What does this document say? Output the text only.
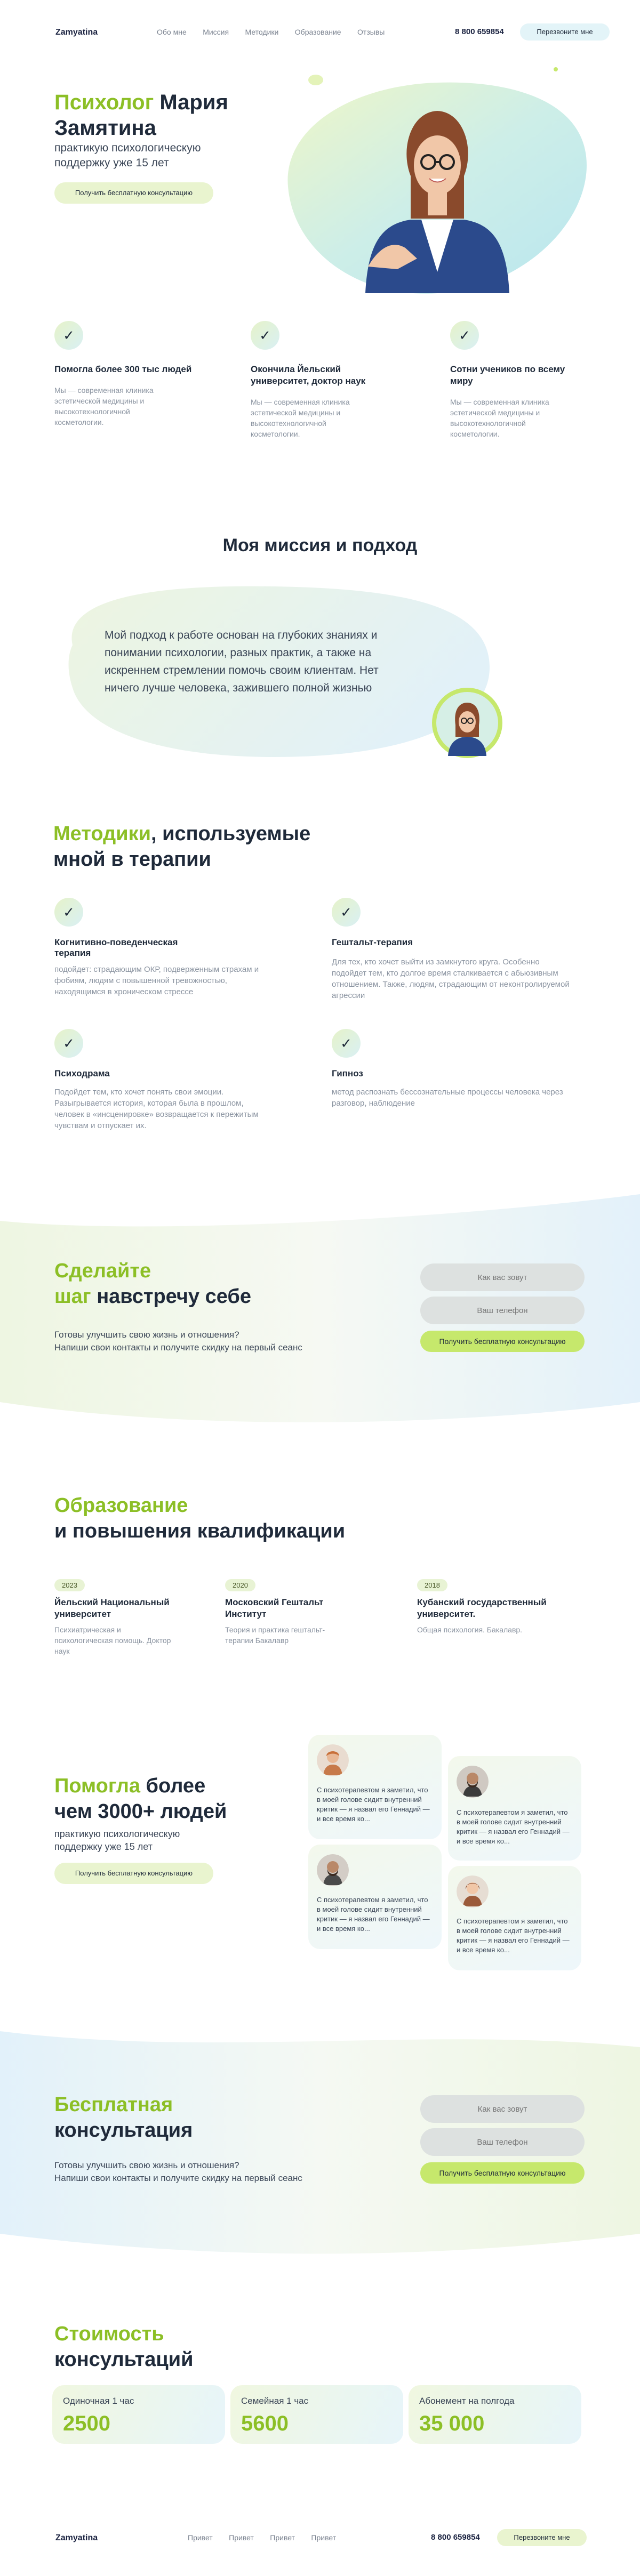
Zamyatina	Обо мне Миссия Методики Образование Отзывы	8 800 659854	Перезвоните мне
Психолог Мария Замятина
практикую психологическую поддержку уже 15 лет
Получить бесплатную консультацию
✓
Помогла более 300 тыс людей
Мы — современная клиника эстетической медицины и высокотехнологичной косметологии.
✓
Окончила Йельский университет, доктор наук
Мы — современная клиника эстетической медицины и высокотехнологичной косметологии.
✓
Сотни учеников по всему миру
Мы — современная клиника эстетической медицины и высокотехнологичной косметологии.
Моя миссия и подход
Мой подход к работе основан на глубоких знаниях и понимании психологии, разных практик, а также на искреннем стремлении помочь своим клиентам. Нет ничего лучше человека, зажившего полной жизнью
Методики, используемые мной в терапии
✓
Когнитивно-поведенческая терапия
подойдет: страдающим ОКР, подверженным страхам и фобиям, людям с повышенной тревожностью, находящимся в хроническом стрессе
✓
Гештальт-терапия
Для тех, кто хочет выйти из замкнутого круга. Особенно подойдет тем, кто долгое время сталкивается с абьюзивным отношением. Также, людям, страдающим от неконтролируемой агрессии
✓
Психодрама
Подойдет тем, кто хочет понять свои эмоции. Разыгрывается история, которая была в прошлом, человек в «инсценировке» возвращается к пережитым чувствам и отпускает их.
✓
Гипноз
метод распознать бессознательные процессы человека через разговор, наблюдение
Сделайте
шаг навстречу себе
Готовы улучшить свою жизнь и отношения?
Напиши свои контакты и получите скидку на первый сеанс
Как вас зовут
Ваш телефон
Получить бесплатную консультацию
Образование
и повышения квалификации
2023
Йельский Национальный университет
Психиатрическая и психологическая помощь. Доктор наук
2020
Московский Гештальт Институт
Теория и практика гештальт-терапии Бакалавр
2018
Кубанский государственный университет.
Общая психология. Бакалавр.
Помогла более
чем 3000+ людей
практикую психологическую поддержку уже 15 лет
Получить бесплатную консультацию
С психотерапевтом я заметил, что в моей голове сидит внутренний критик — я назвал его Геннадий — и все время ко...
С психотерапевтом я заметил, что в моей голове сидит внутренний критик — я назвал его Геннадий — и все время ко...
С психотерапевтом я заметил, что в моей голове сидит внутренний критик — я назвал его Геннадий — и все время ко...
С психотерапевтом я заметил, что в моей голове сидит внутренний критик — я назвал его Геннадий — и все время ко...
Бесплатная
консультация
Готовы улучшить свою жизнь и отношения?
Напиши свои контакты и получите скидку на первый сеанс
Как вас зовут
Ваш телефон	Получить бесплатную консультацию
Стоимость
консультаций
Одиночная 1 час
2500
Семейная 1 час
5600
Абонемент на полгода
35 000
Zamyatina	Привет Привет Привет Привет	8 800 659854	Перезвоните мне
